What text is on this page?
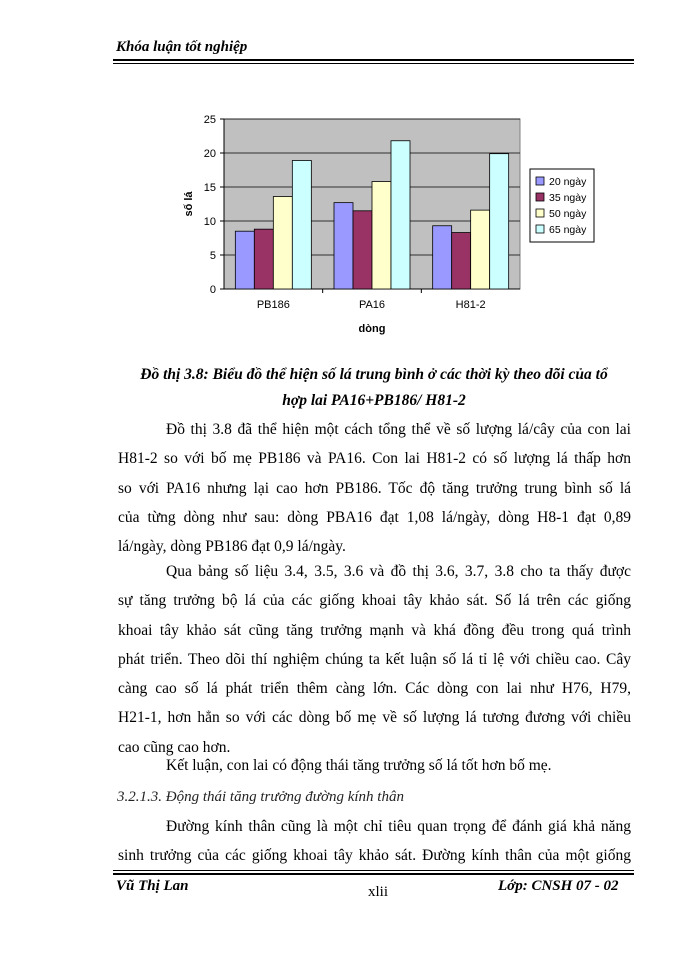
Khóa luận tốt nghiệp
0
5
10
15
20
25
PB186	PA16	H81-2
dòng
số lá
20 ngày
35 ngày
50 ngày
65 ngày
Đồ thị 3.8: Biểu đồ thể hiện số lá trung bình ở các thời kỳ theo dõi của tổ
hợp lai PA16+PB186/ H81-2
Đồ thị 3.8 đã thể hiện một cách tổng thể về số lượng lá/cây của con lai
H81-2 so với bố mẹ PB186 và PA16. Con lai H81-2 có số lượng lá thấp hơn
so với PA16 nhưng lại cao hơn PB186. Tốc độ tăng trưởng trung bình số lá
của từng dòng như sau: dòng PBA16 đạt 1,08 lá/ngày, dòng H8-1 đạt 0,89
lá/ngày, dòng PB186 đạt 0,9 lá/ngày.
Qua bảng số liệu 3.4, 3.5, 3.6 và đồ thị 3.6, 3.7, 3.8 cho ta thấy được
sự tăng trưởng bộ lá của các giống khoai tây khảo sát. Số lá trên các giống
khoai tây khảo sát cũng tăng trưởng mạnh và khá đồng đều trong quá trình
phát triển. Theo dõi thí nghiệm chúng ta kết luận số lá tỉ lệ với chiều cao. Cây
càng cao số lá phát triển thêm càng lớn. Các dòng con lai như H76, H79,
H21-1, hơn hẳn so với các dòng bố mẹ về số lượng lá tương đương với chiều
cao cũng cao hơn.
Kết luận, con lai có động thái tăng trưởng số lá tốt hơn bố mẹ.
3.2.1.3. Động thái tăng trưởng đường kính thân
Đường kính thân cũng là một chỉ tiêu quan trọng để đánh giá khả năng
sinh trưởng của các giống khoai tây khảo sát. Đường kính thân của một giống
Vũ Thị Lan	xlii	Lớp: CNSH 07 - 02
